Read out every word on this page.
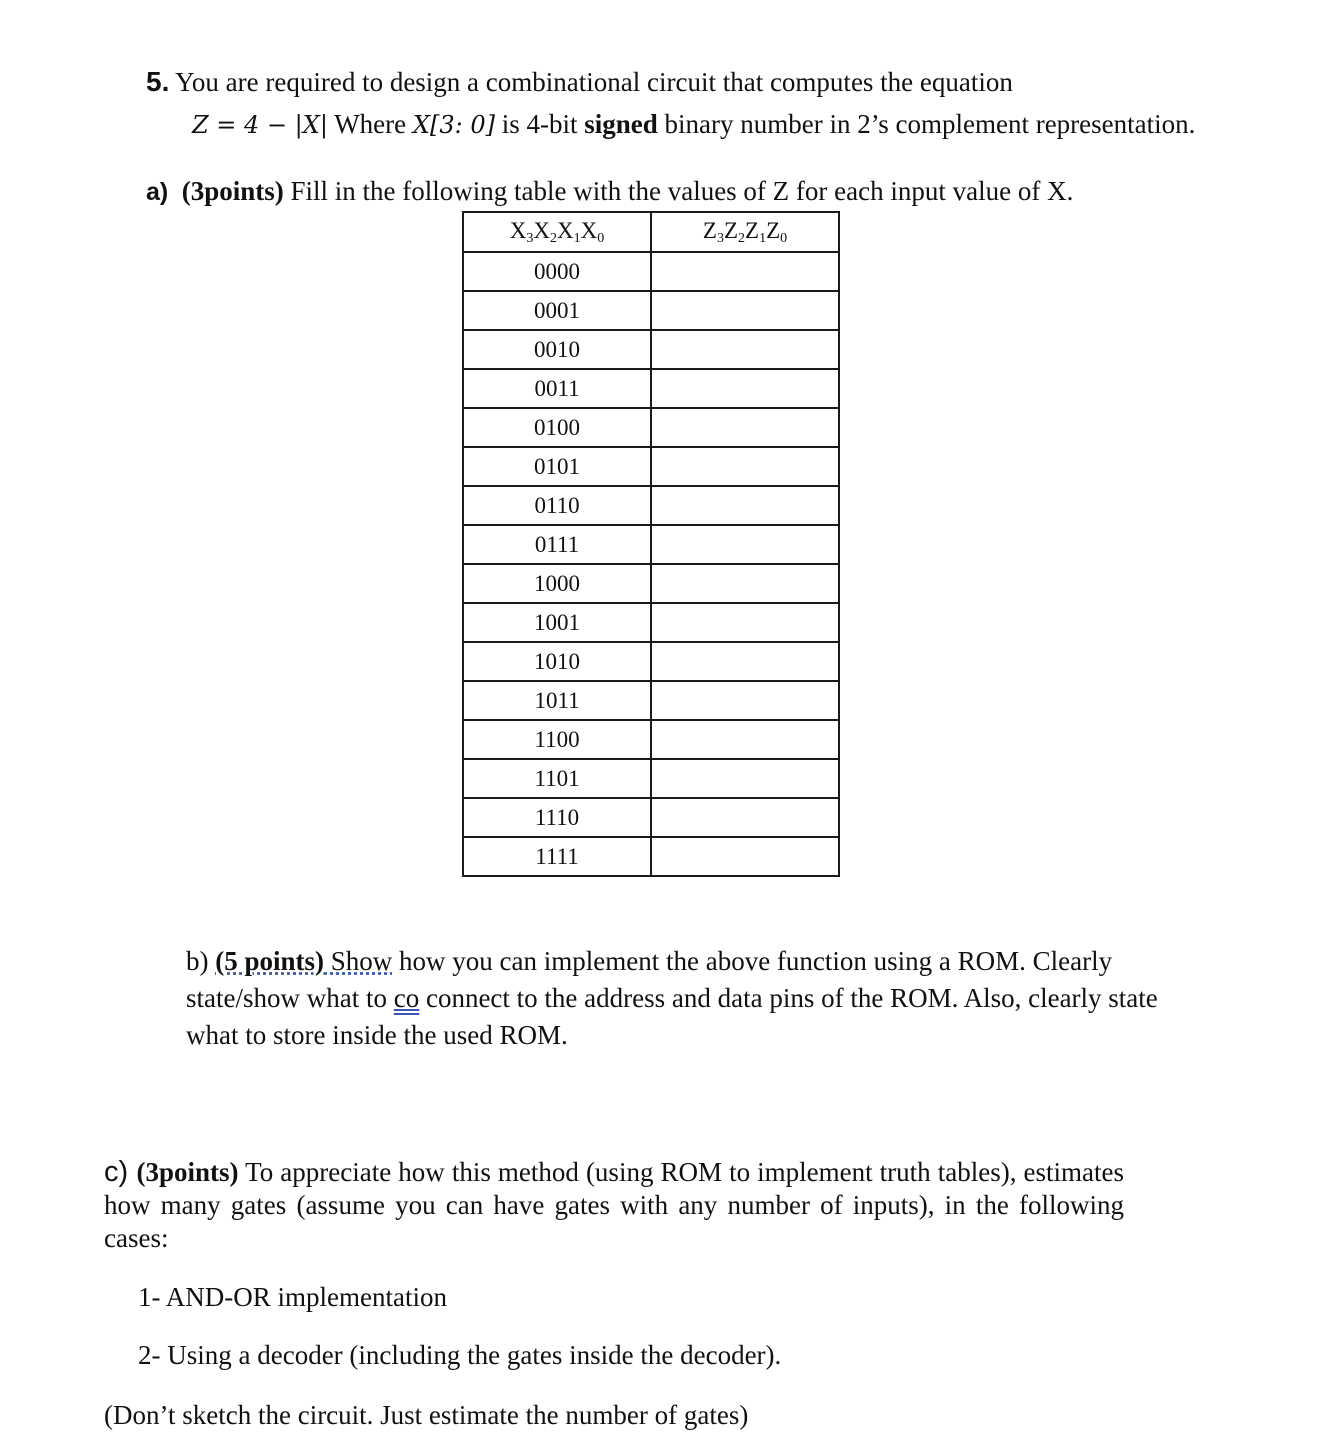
5. You are required to design a combinational circuit that computes the equation
Z = 4 − |X| Where X[3: 0] is 4-bit signed binary number in 2’s complement representation.
a) (3points) Fill in the following table with the values of Z for each input value of X.
$X_3X_2X_1X_0$	$Z_3Z_2Z_1Z_0$
0000	
0001	
0010	
0011	
0100	
0101	
0110	
0111	
1000	
1001	
1010	
1011	
1100	
1101	
1110	
1111	
b) (5 points) Show how you can implement the above function using a ROM. Clearly state/show what to co connect to the address and data pins of the ROM. Also, clearly state what to store inside the used ROM.
c) (3points) To appreciate how this method (using ROM to implement truth tables), estimates how many gates (assume you can have gates with any number of inputs), in the following cases:
1- AND-OR implementation
2- Using a decoder (including the gates inside the decoder).
(Don’t sketch the circuit. Just estimate the number of gates)
